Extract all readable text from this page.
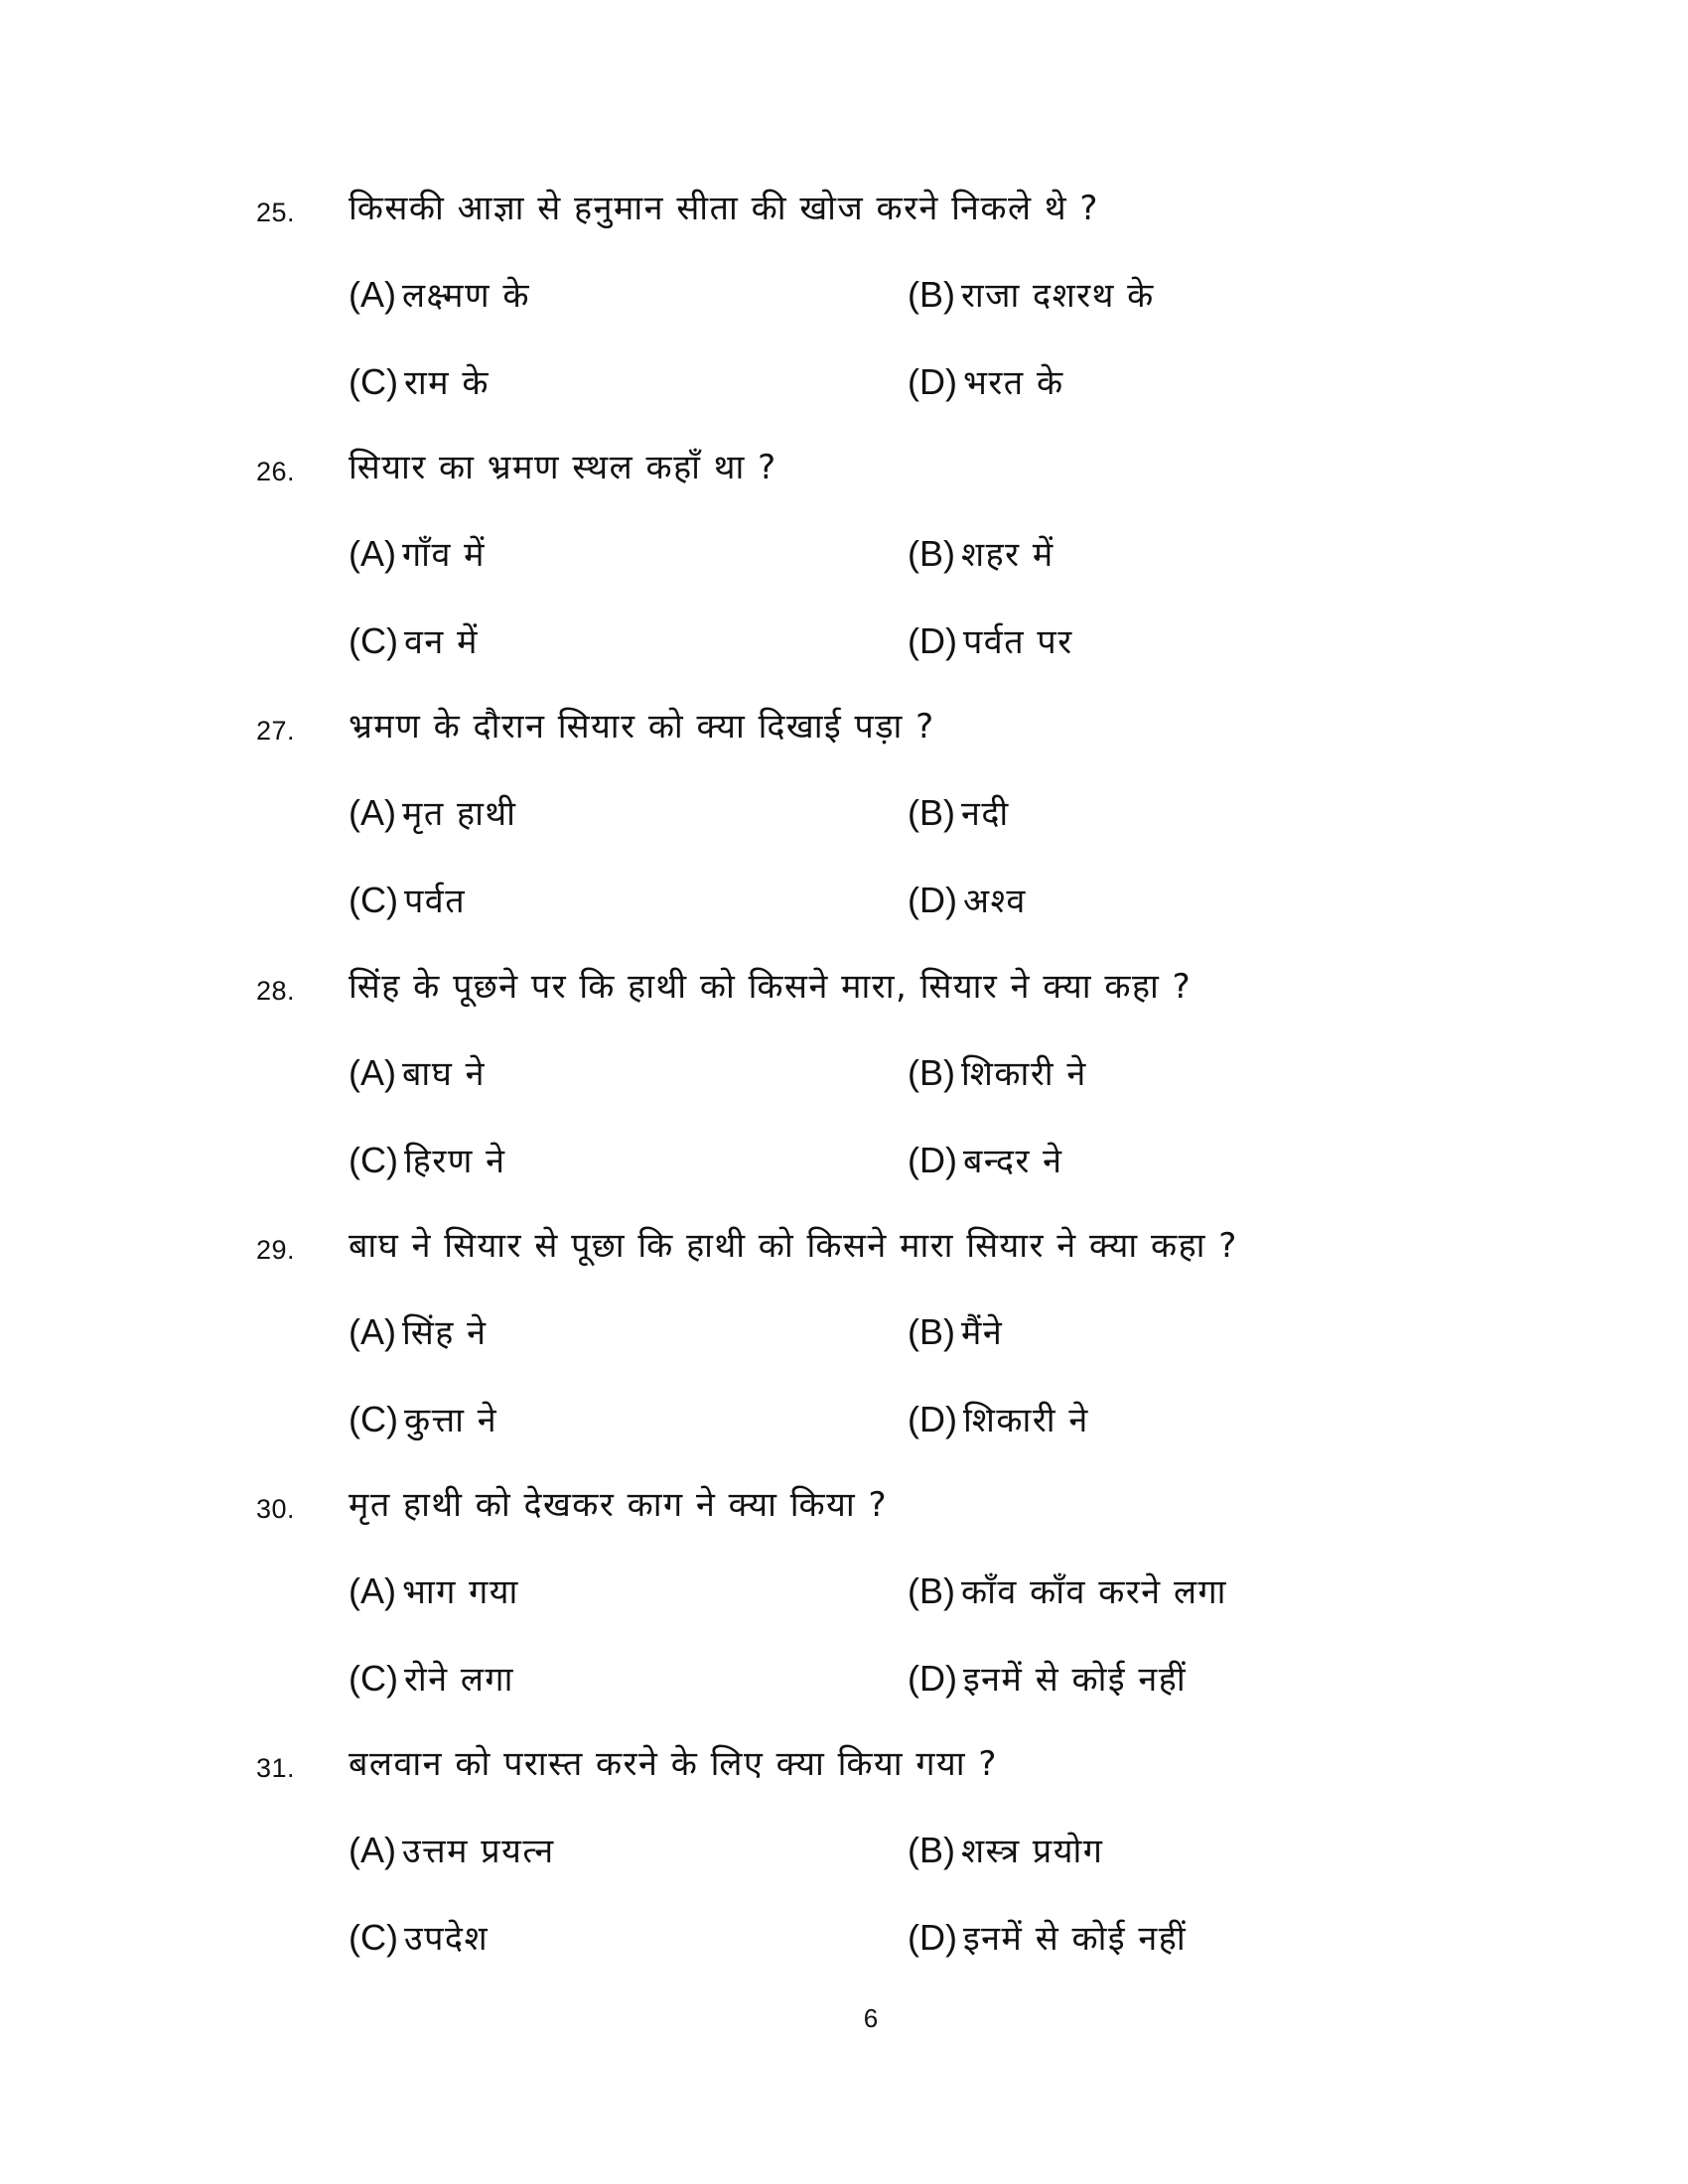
25. किसकी आज्ञा से हनुमान सीता की खोज करने निकले थे ?
(A) लक्ष्मण के	(B) राजा दशरथ के
(C) राम के	(D) भरत के
26. सियार का भ्रमण स्थल कहाँ था ?
(A) गाँव में	(B) शहर में
(C) वन में	(D) पर्वत पर
27. भ्रमण के दौरान सियार को क्या दिखाई पड़ा ?
(A) मृत हाथी	(B) नदी
(C) पर्वत	(D) अश्व
28. सिंह के पूछने पर कि हाथी को किसने मारा, सियार ने क्या कहा ?
(A) बाघ ने	(B) शिकारी ने
(C) हिरण ने	(D) बन्दर ने
29. बाघ ने सियार से पूछा कि हाथी को किसने मारा सियार ने क्या कहा ?
(A) सिंह ने	(B) मैंने
(C) कुत्ता ने	(D) शिकारी ने
30. मृत हाथी को देखकर काग ने क्या किया ?
(A) भाग गया	(B) काँव काँव करने लगा
(C) रोने लगा	(D) इनमें से कोई नहीं
31. बलवान को परास्त करने के लिए क्या किया गया ?
(A) उत्तम प्रयत्न	(B) शस्त्र प्रयोग
(C) उपदेश	(D) इनमें से कोई नहीं
6
